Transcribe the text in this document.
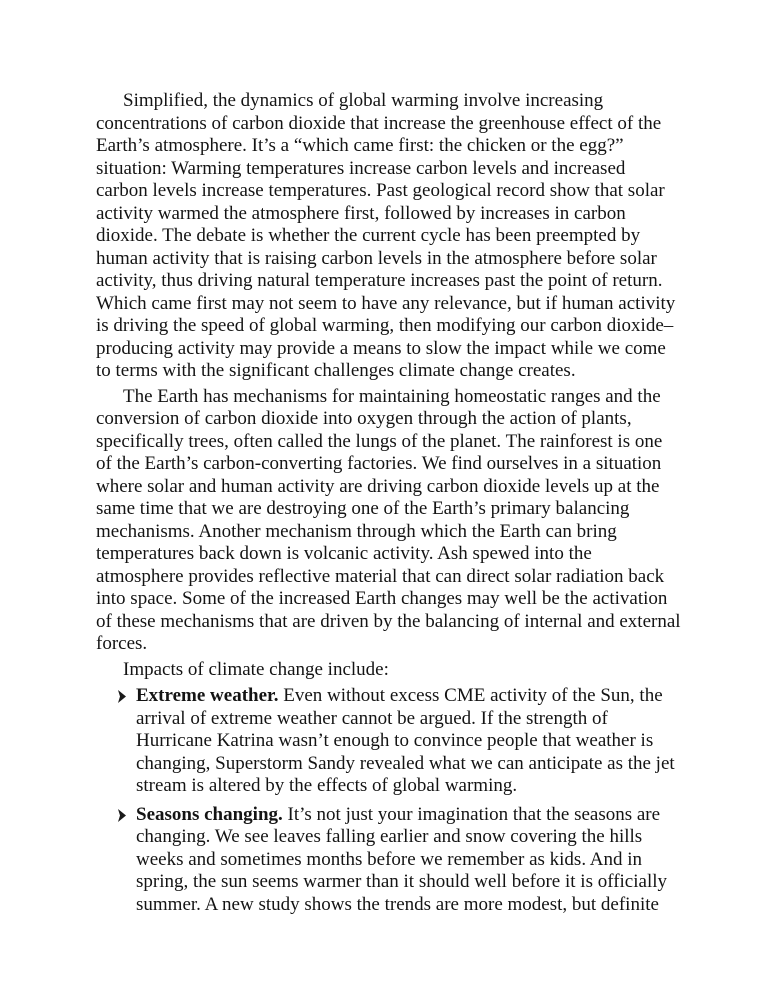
Simplified, the dynamics of global warming involve increasing concentrations of carbon dioxide that increase the greenhouse effect of the Earth’s atmosphere. It’s a “which came first: the chicken or the egg?” situation: Warming temperatures increase carbon levels and increased carbon levels increase temperatures. Past geological record show that solar activity warmed the atmosphere first, followed by increases in carbon dioxide. The debate is whether the current cycle has been preempted by human activity that is raising carbon levels in the atmosphere before solar activity, thus driving natural temperature increases past the point of return. Which came first may not seem to have any relevance, but if human activity is driving the speed of global warming, then modifying our carbon dioxide–producing activity may provide a means to slow the impact while we come to terms with the significant challenges climate change creates.

The Earth has mechanisms for maintaining homeostatic ranges and the conversion of carbon dioxide into oxygen through the action of plants, specifically trees, often called the lungs of the planet. The rainforest is one of the Earth’s carbon-converting factories. We find ourselves in a situation where solar and human activity are driving carbon dioxide levels up at the same time that we are destroying one of the Earth’s primary balancing mechanisms. Another mechanism through which the Earth can bring temperatures back down is volcanic activity. Ash spewed into the atmosphere provides reflective material that can direct solar radiation back into space. Some of the increased Earth changes may well be the activation of these mechanisms that are driven by the balancing of internal and external forces.

Impacts of climate change include:

Extreme weather. Even without excess CME activity of the Sun, the arrival of extreme weather cannot be argued. If the strength of Hurricane Katrina wasn’t enough to convince people that weather is changing, Superstorm Sandy revealed what we can anticipate as the jet stream is altered by the effects of global warming.
Seasons changing. It’s not just your imagination that the seasons are changing. We see leaves falling earlier and snow covering the hills weeks and sometimes months before we remember as kids. And in spring, the sun seems warmer than it should well before it is officially summer. A new study shows the trends are more modest, but definite
